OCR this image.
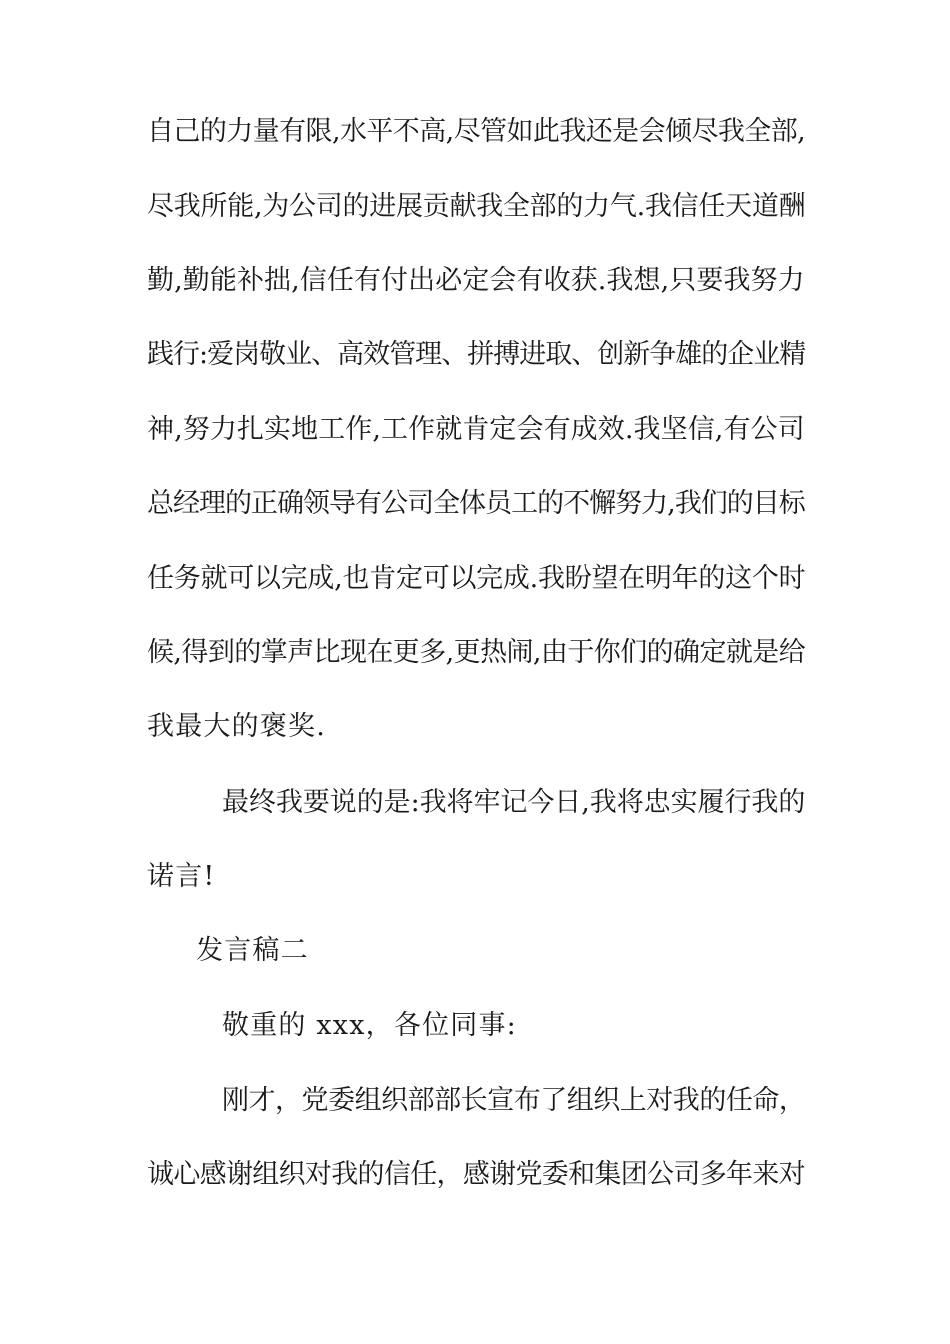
自己的力量有限,水平不高,尽管如此我还是会倾尽我全部,
尽我所能,为公司的进展贡献我全部的力气.我信任天道酬
勤,勤能补拙,信任有付出必定会有收获.我想,只要我努力
践行:爱岗敬业、高效管理、拼搏进取、创新争雄的企业精
神,努力扎实地工作,工作就肯定会有成效.我坚信,有公司
总经理的正确领导有公司全体员工的不懈努力,我们的目标
任务就可以完成,也肯定可以完成.我盼望在明年的这个时
候,得到的掌声比现在更多,更热闹,由于你们的确定就是给
我最大的褒奖.
最终我要说的是:我将牢记今日,我将忠实履行我的
诺言!
发言稿二
敬重的 xxx，各位同事:
刚才，党委组织部部长宣布了组织上对我的任命，
诚心感谢组织对我的信任，感谢党委和集团公司多年来对
